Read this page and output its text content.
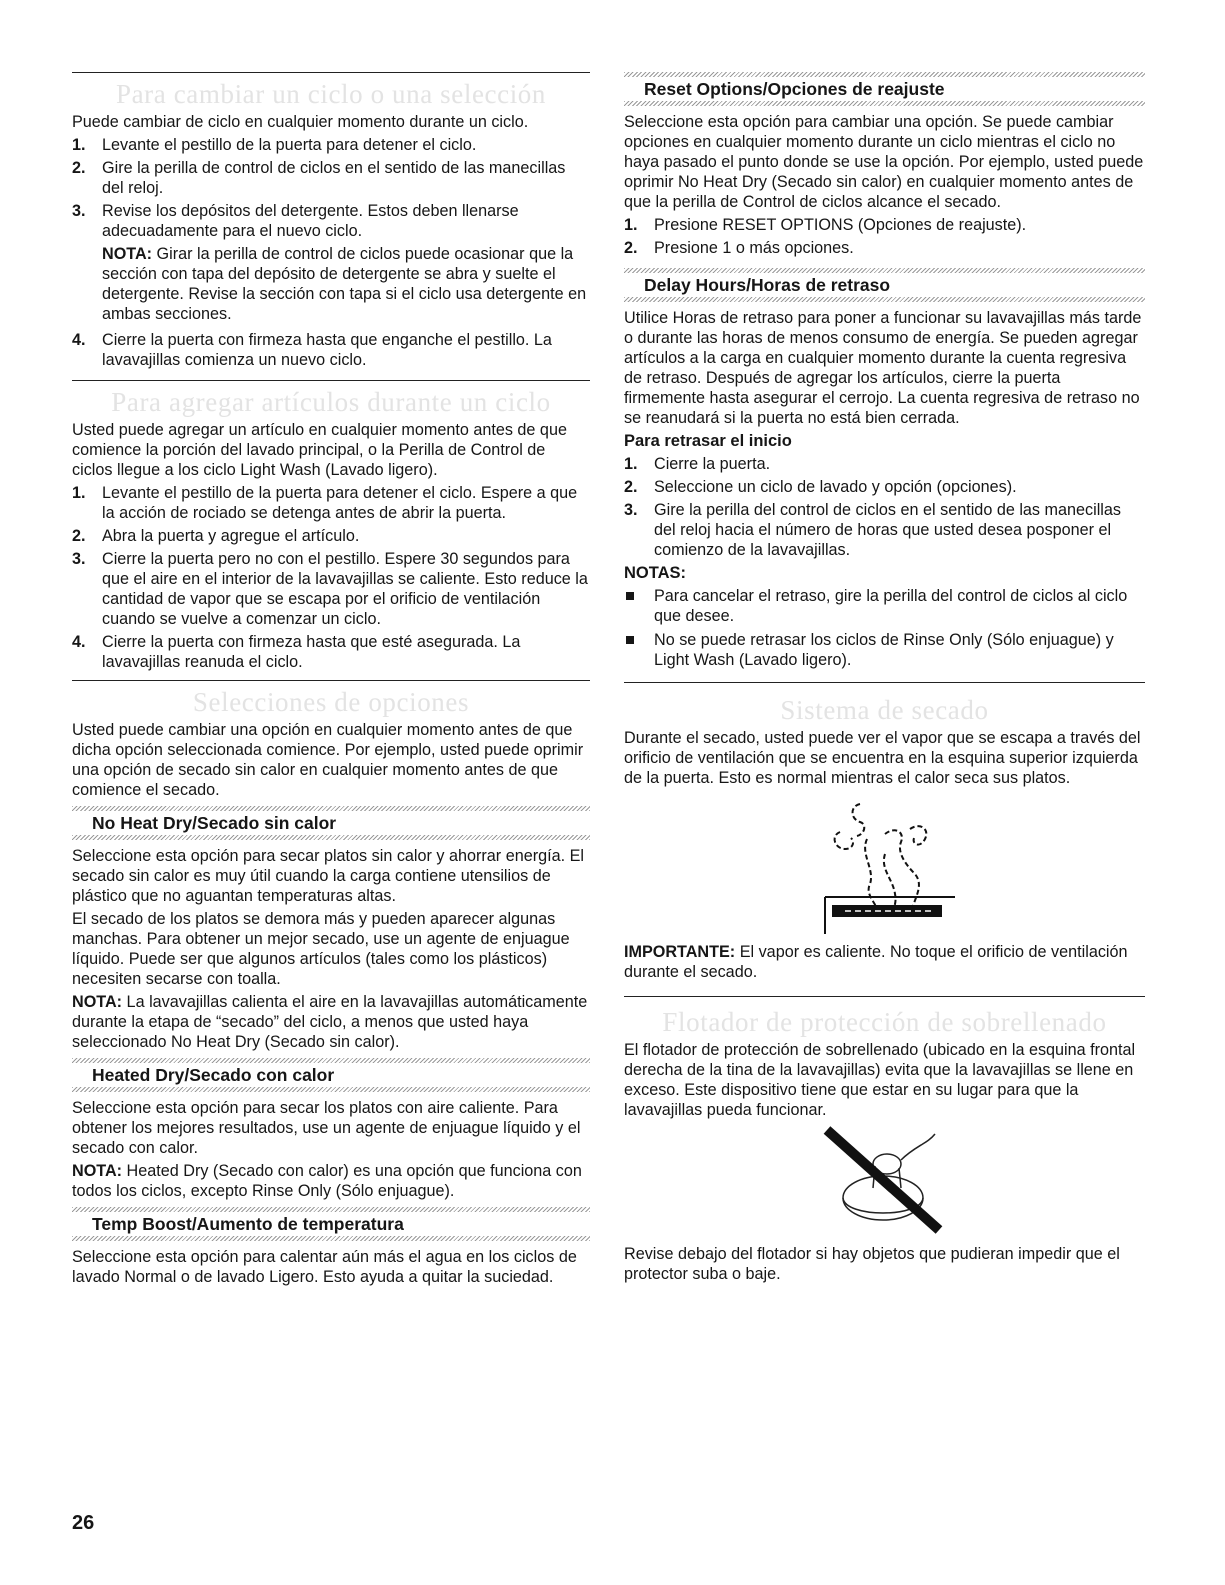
Para cambiar un ciclo o una selección

Puede cambiar de ciclo en cualquier momento durante un ciclo.

1. Levante el pestillo de la puerta para detener el ciclo.
2. Gire la perilla de control de ciclos en el sentido de las manecillas del reloj.
3. Revise los depósitos del detergente. Estos deben llenarse adecuadamente para el nuevo ciclo.

NOTA: Girar la perilla de control de ciclos puede ocasionar que la sección con tapa del depósito de detergente se abra y suelte el detergente. Revise la sección con tapa si el ciclo usa detergente en ambas secciones.

4. Cierre la puerta con firmeza hasta que enganche el pestillo. La lavavajillas comienza un nuevo ciclo.
Para agregar artículos durante un ciclo

Usted puede agregar un artículo en cualquier momento antes de que comience la porción del lavado principal, o la Perilla de Control de ciclos llegue a los ciclo Light Wash (Lavado ligero).

1. Levante el pestillo de la puerta para detener el ciclo. Espere a que la acción de rociado se detenga antes de abrir la puerta.
2. Abra la puerta y agregue el artículo.
3. Cierre la puerta pero no con el pestillo. Espere 30 segundos para que el aire en el interior de la lavavajillas se caliente. Esto reduce la cantidad de vapor que se escapa por el orificio de ventilación cuando se vuelve a comenzar un ciclo.
4. Cierre la puerta con firmeza hasta que esté asegurada. La lavavajillas reanuda el ciclo.
Selecciones de opciones

Usted puede cambiar una opción en cualquier momento antes de que dicha opción seleccionada comience. Por ejemplo, usted puede oprimir una opción de secado sin calor en cualquier momento antes de que comience el secado.

No Heat Dry/Secado sin calor

Seleccione esta opción para secar platos sin calor y ahorrar energía. El secado sin calor es muy útil cuando la carga contiene utensilios de plástico que no aguantan temperaturas altas.

El secado de los platos se demora más y pueden aparecer algunas manchas. Para obtener un mejor secado, use un agente de enjuague líquido. Puede ser que algunos artículos (tales como los plásticos) necesiten secarse con toalla.

NOTA: La lavavajillas calienta el aire en la lavavajillas automáticamente durante la etapa de “secado” del ciclo, a menos que usted haya seleccionado No Heat Dry (Secado sin calor).

Heated Dry/Secado con calor

Seleccione esta opción para secar los platos con aire caliente. Para obtener los mejores resultados, use un agente de enjuague líquido y el secado con calor.

NOTA: Heated Dry (Secado con calor) es una opción que funciona con todos los ciclos, excepto Rinse Only (Sólo enjuague).

Temp Boost/Aumento de temperatura

Seleccione esta opción para calentar aún más el agua en los ciclos de lavado Normal o de lavado Ligero. Esto ayuda a quitar la suciedad.

Reset Options/Opciones de reajuste

Seleccione esta opción para cambiar una opción. Se puede cambiar opciones en cualquier momento durante un ciclo mientras el ciclo no haya pasado el punto donde se use la opción. Por ejemplo, usted puede oprimir No Heat Dry (Secado sin calor) en cualquier momento antes de que la perilla de Control de ciclos alcance el secado.

1. Presione RESET OPTIONS (Opciones de reajuste).
2. Presione 1 o más opciones.
Delay Hours/Horas de retraso

Utilice Horas de retraso para poner a funcionar su lavavajillas más tarde o durante las horas de menos consumo de energía. Se pueden agregar artículos a la carga en cualquier momento durante la cuenta regresiva de retraso. Después de agregar los artículos, cierre la puerta firmemente hasta asegurar el cerrojo. La cuenta regresiva de retraso no se reanudará si la puerta no está bien cerrada.

Para retrasar el inicio
1. Cierre la puerta.
2. Seleccione un ciclo de lavado y opción (opciones).
3. Gire la perilla del control de ciclos en el sentido de las manecillas del reloj hacia el número de horas que usted desea posponer el comienzo de la lavavajillas.
NOTAS:
Para cancelar el retraso, gire la perilla del control de ciclos al ciclo que desee.
No se puede retrasar los ciclos de Rinse Only (Sólo enjuague) y Light Wash (Lavado ligero).
Sistema de secado

Durante el secado, usted puede ver el vapor que se escapa a través del orificio de ventilación que se encuentra en la esquina superior izquierda de la puerta. Esto es normal mientras el calor seca sus platos.

IMPORTANTE: El vapor es caliente. No toque el orificio de ventilación durante el secado.

Flotador de protección de sobrellenado

El flotador de protección de sobrellenado (ubicado en la esquina frontal derecha de la tina de la lavavajillas) evita que la lavavajillas se llene en exceso. Este dispositivo tiene que estar en su lugar para que la lavavajillas pueda funcionar.

Revise debajo del flotador si hay objetos que pudieran impedir que el protector suba o baje.

26
